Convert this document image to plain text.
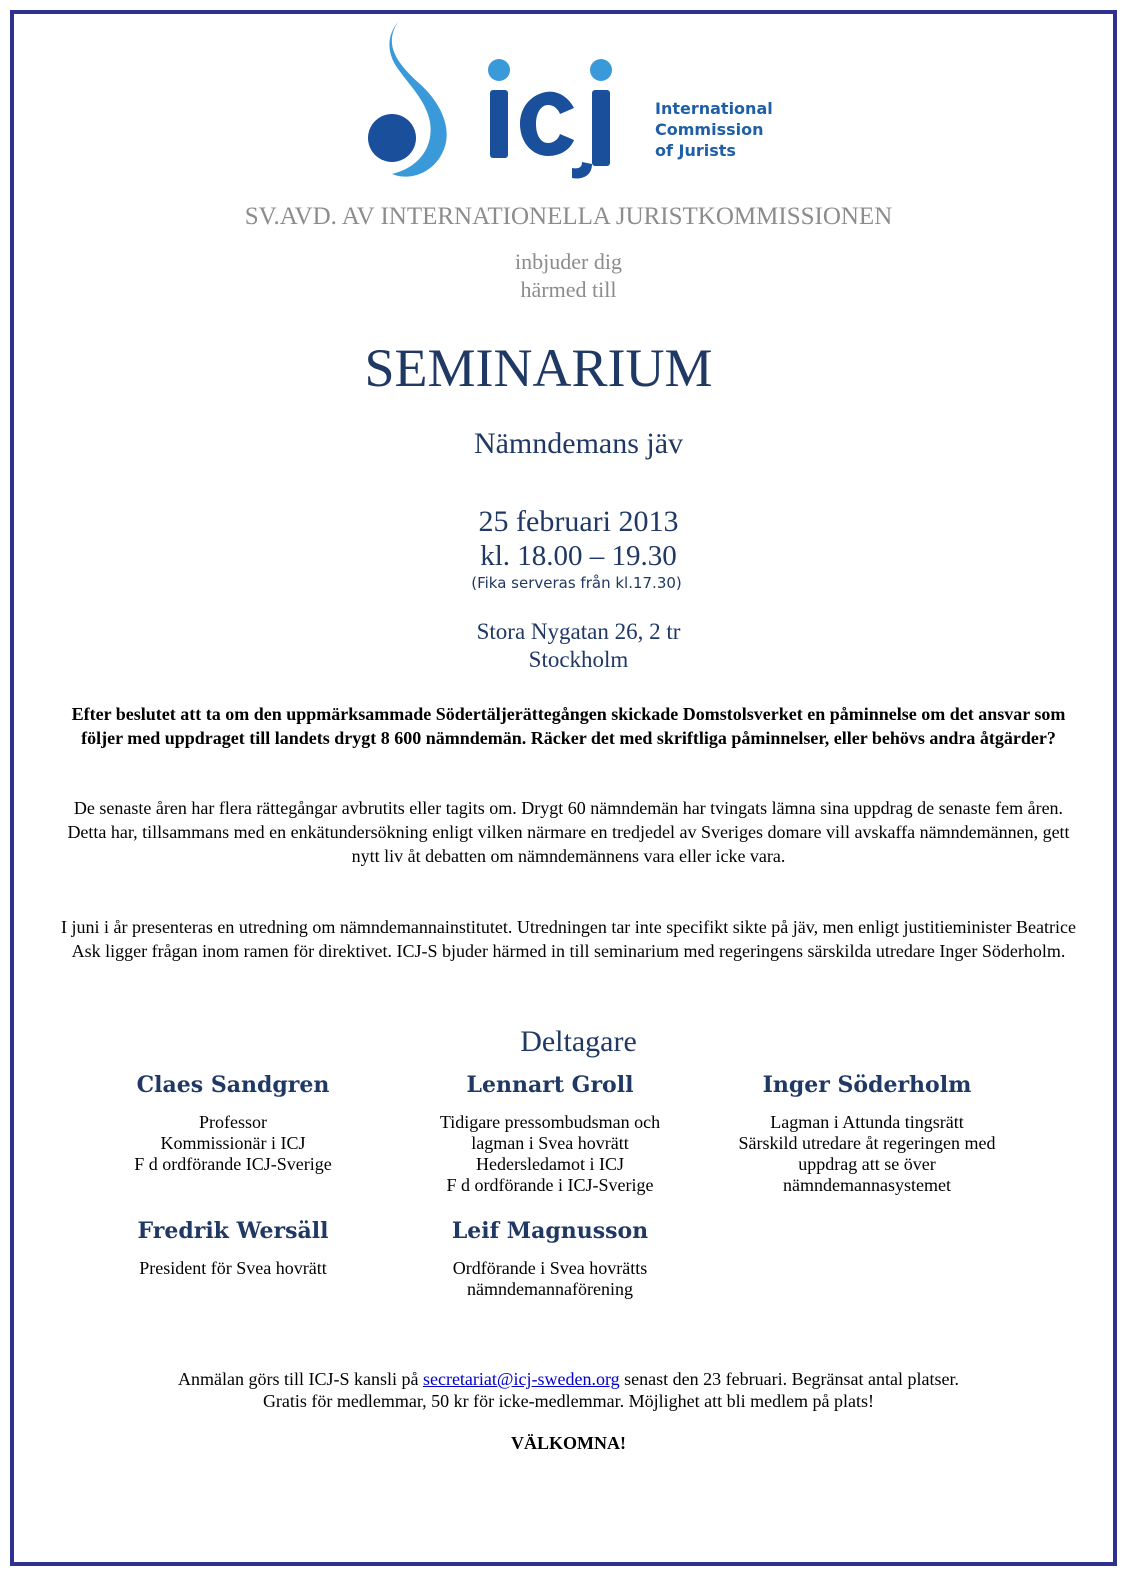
International
Commission
of Jurists
SV.AVD. AV INTERNATIONELLA JURISTKOMMISSIONEN
inbjuder dig
härmed till
SEMINARIUM
Nämndemans jäv
25 februari 2013
kl. 18.00 – 19.30
(Fika serveras från kl.17.30)
Stora Nygatan 26, 2 tr
Stockholm
Efter beslutet att ta om den uppmärksammade Södertäljerättegången skickade Domstolsverket en påminnelse om det ansvar som följer med uppdraget till landets drygt 8 600 nämndemän. Räcker det med skriftliga påminnelser, eller behövs andra åtgärder?
De senaste åren har flera rättegångar avbrutits eller tagits om. Drygt 60 nämndemän har tvingats lämna sina uppdrag de senaste fem åren. Detta har, tillsammans med en enkätundersökning enligt vilken närmare en tredjedel av Sveriges domare vill avskaffa nämndemännen, gett nytt liv åt debatten om nämndemännens vara eller icke vara.
I juni i år presenteras en utredning om nämndemannainstitutet. Utredningen tar inte specifikt sikte på jäv, men enligt justitieminister Beatrice Ask ligger frågan inom ramen för direktivet. ICJ-S bjuder härmed in till seminarium med regeringens särskilda utredare Inger Söderholm.
Deltagare
Claes Sandgren
Professor
Kommissionär i ICJ
F d ordförande ICJ-Sverige
Lennart Groll
Tidigare pressombudsman och
lagman i Svea hovrätt
Hedersledamot i ICJ
F d ordförande i ICJ-Sverige
Inger Söderholm
Lagman i Attunda tingsrätt
Särskild utredare åt regeringen med
uppdrag att se över
nämndemannasystemet
Fredrik Wersäll
President för Svea hovrätt
Leif Magnusson
Ordförande i Svea hovrätts
nämndemannaförening
Anmälan görs till ICJ-S kansli på secretariat@icj-sweden.org senast den 23 februari. Begränsat antal platser.
Gratis för medlemmar, 50 kr för icke-medlemmar. Möjlighet att bli medlem på plats!
VÄLKOMNA!
